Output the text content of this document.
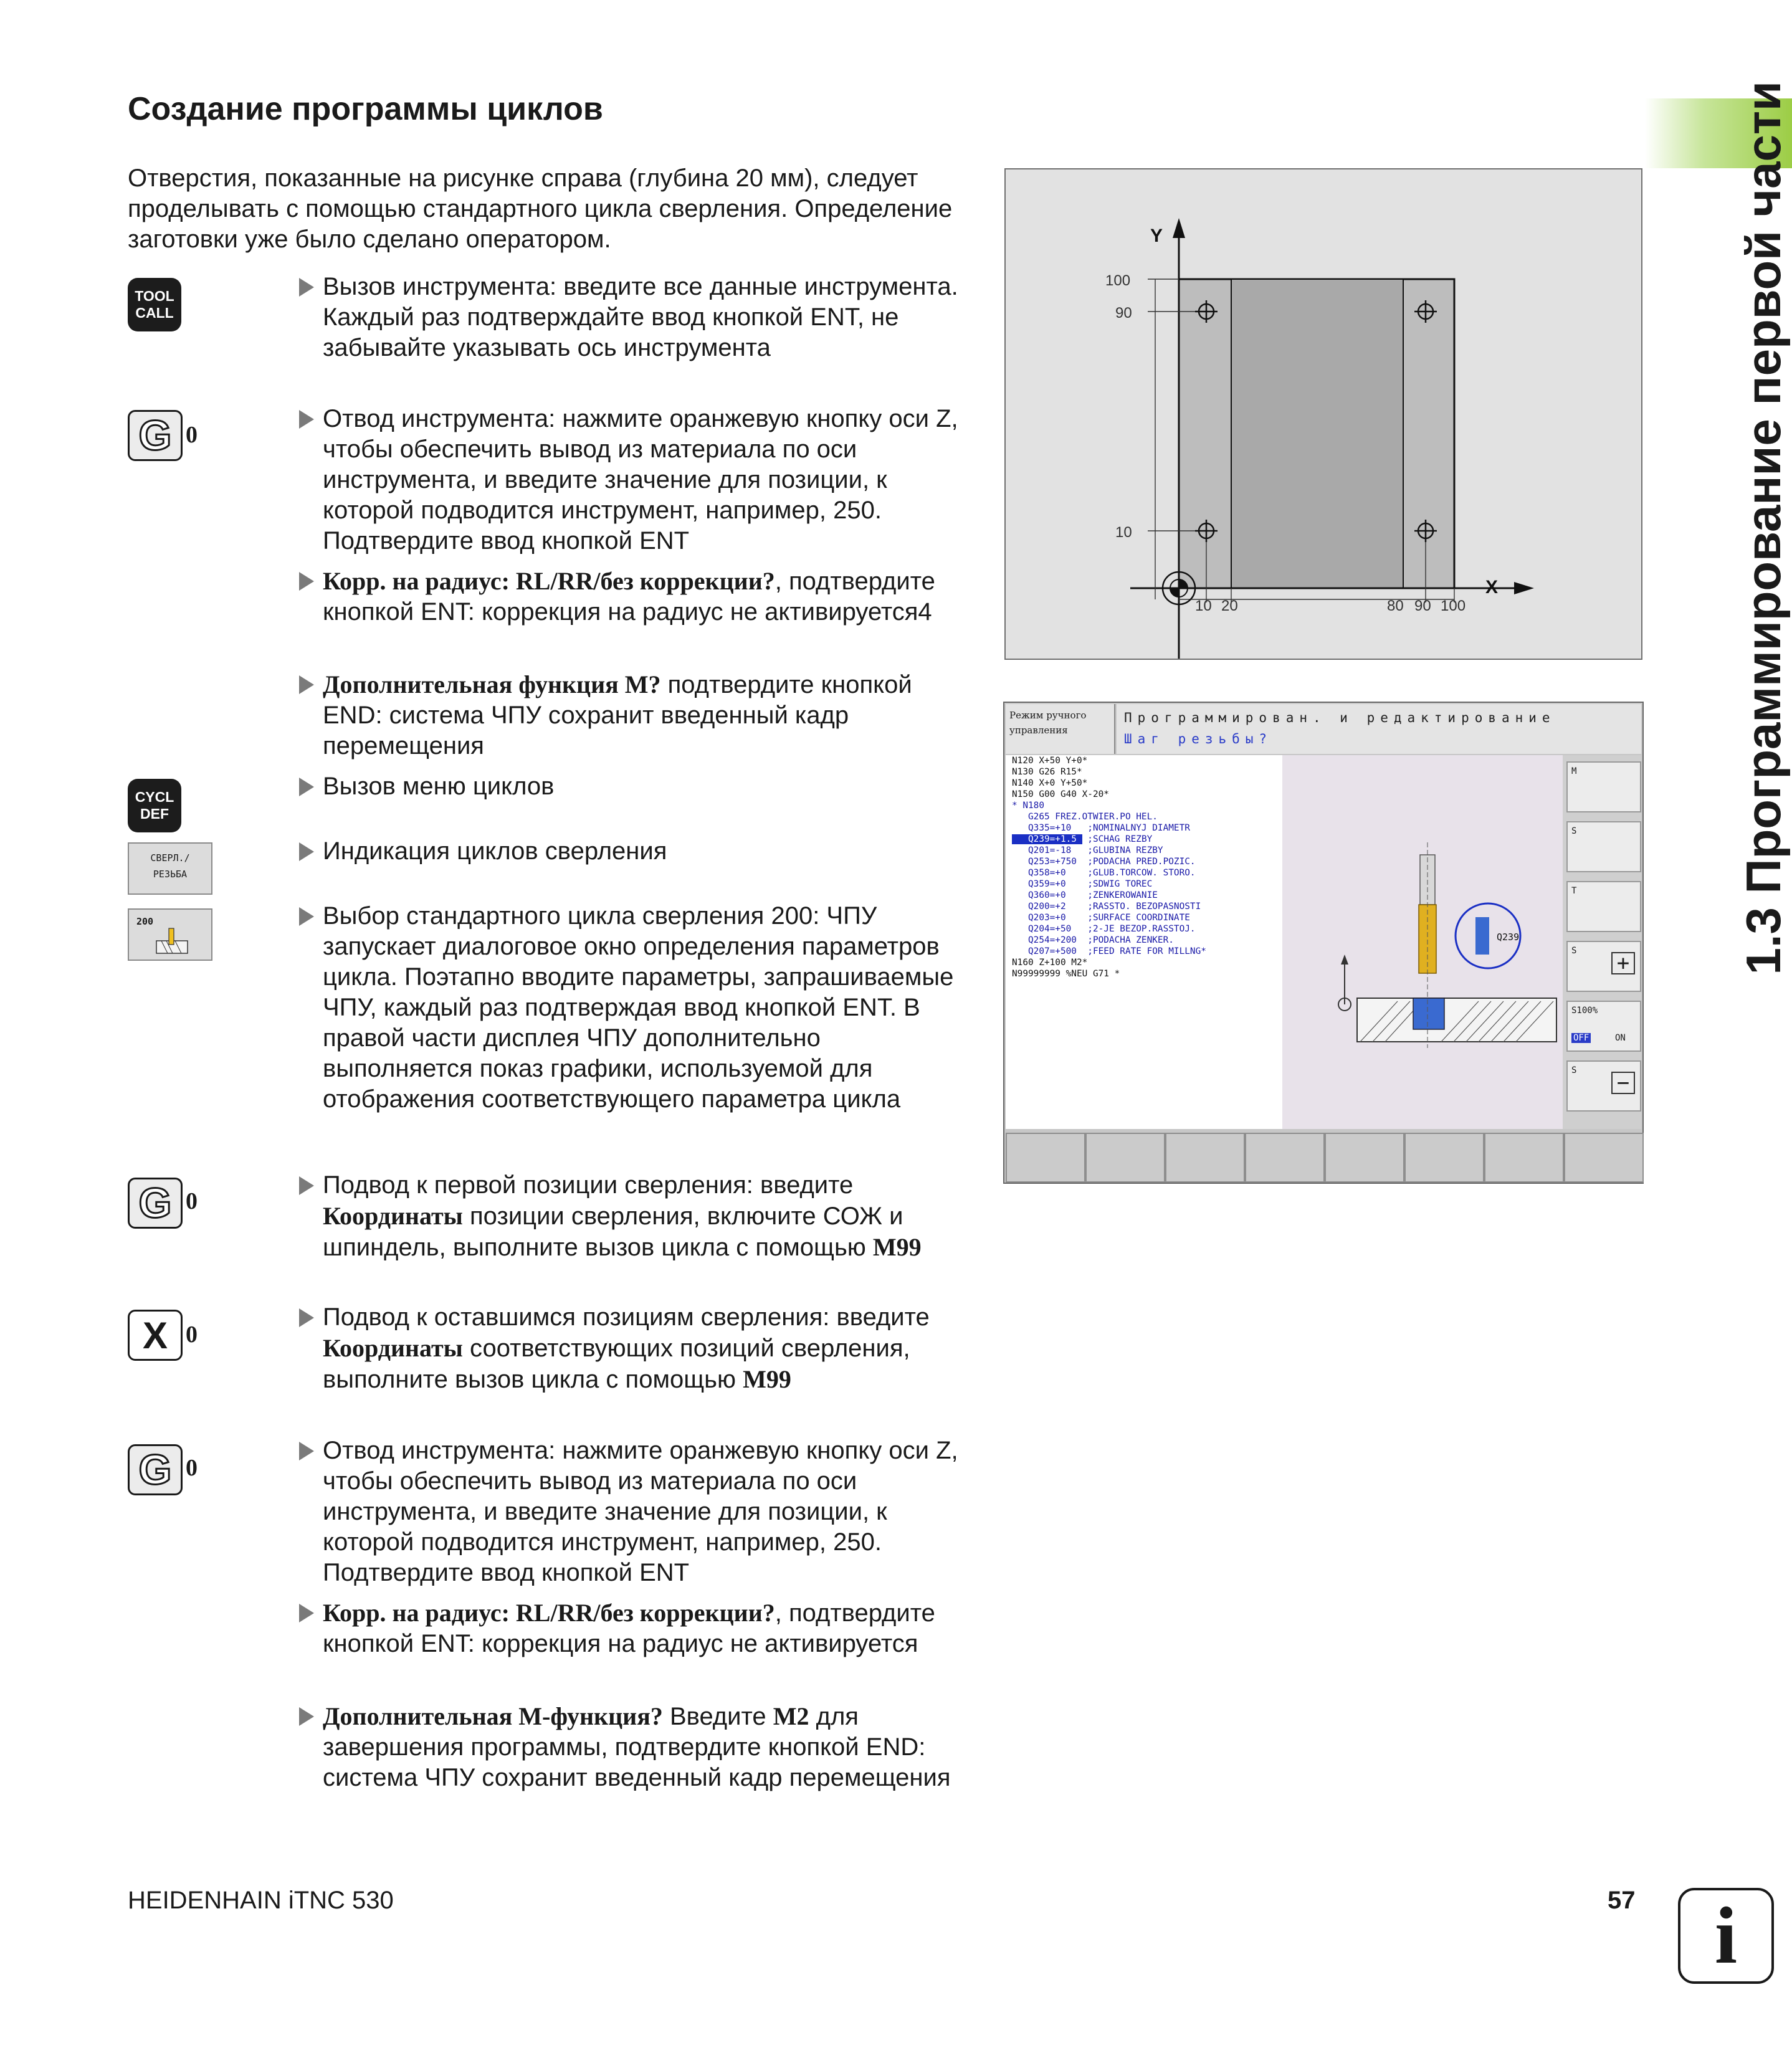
Создание программы циклов

Отверстия, показанные на рисунке справа (глубина 20 мм), следует проделывать с помощью стандартного цикла сверления. Определение заготовки уже было сделано оператором.	1.3 Программирование первой части
TOOL
CALL
G 0
CYCL
DEF
СВЕРЛ./
РЕЗЬБА
200
G 0
X 0
G 0
Вызов инструмента: введите все данные инструмента. Каждый раз подтверждайте ввод кнопкой ENT, не забывайте указывать ось инструмента
Отвод инструмента: нажмите оранжевую кнопку оси Z, чтобы обеспечить вывод из материала по оси инструмента, и введите значение для позиции, к которой подводится инструмент, например, 250. Подтвердите ввод кнопкой ENT
Корр. на радиус: RL/RR/без коррекции?, подтвердите кнопкой ENT: коррекция на радиус не активируется4
Дополнительная функция M? подтвердите кнопкой END: система ЧПУ сохранит введенный кадр перемещения
Вызов меню циклов
Индикация циклов сверления
Выбор стандартного цикла сверления 200: ЧПУ запускает диалоговое окно определения параметров цикла. Поэтапно вводите параметры, запрашиваемые ЧПУ, каждый раз подтверждая ввод кнопкой ENT. В правой части дисплея ЧПУ дополнительно выполняется показ графики, используемой для отображения соответствующего параметра цикла
Подвод к первой позиции сверления: введите Координаты позиции сверления, включите СОЖ и шпиндель, выполните вызов цикла с помощью M99
Подвод к оставшимся позициям сверления: введите Координаты соответствующих позиций сверления, выполните вызов цикла с помощью M99
Отвод инструмента: нажмите оранжевую кнопку оси Z, чтобы обеспечить вывод из материала по оси инструмента, и введите значение для позиции, к которой подводится инструмент, например, 250. Подтвердите ввод кнопкой ENT
Корр. на радиус: RL/RR/без коррекции?, подтвердите кнопкой ENT: коррекция на радиус не активируется
Дополнительная M-функция? Введите M2 для завершения программы, подтвердите кнопкой END: система ЧПУ сохранит введенный кадр перемещения
X
Y
100
90
10
10 20	80 90 100
Режим ручного
управления
Программирован. и редактирование
Шаг резьбы?
N120 X+50 Y+0*
N130 G26 R15*
N140 X+0 Y+50*
N150 G00 G40 X-20*
* N180
G265 FREZ.OTWIER.PO HEL.
Q335=+10   ;NOMINALNYJ DIAMETR
Q239=+1.5  ;SCHAG REZBY
Q201=-18   ;GLUBINA REZBY
Q253=+750  ;PODACHA PRED.POZIC.
Q358=+0    ;GLUB.TORCOW. STORO.
Q359=+0    ;SDWIG TOREC
Q360=+0    ;ZENKEROWANIE
Q200=+2    ;RASSTO. BEZOPASNOSTI
Q203=+0    ;SURFACE COORDINATE
Q204=+50   ;2-JE BEZOP.RASSTOJ.
Q254=+200  ;PODACHA ZENKER.
Q207=+500  ;FEED RATE FOR MILLNG*
N160 Z+100 M2*
N99999999 %NEU G71 *
Q239
M
S
T
S +
S100%
OFF	ON
S −
HEIDENHAIN iTNC 530	57 i
